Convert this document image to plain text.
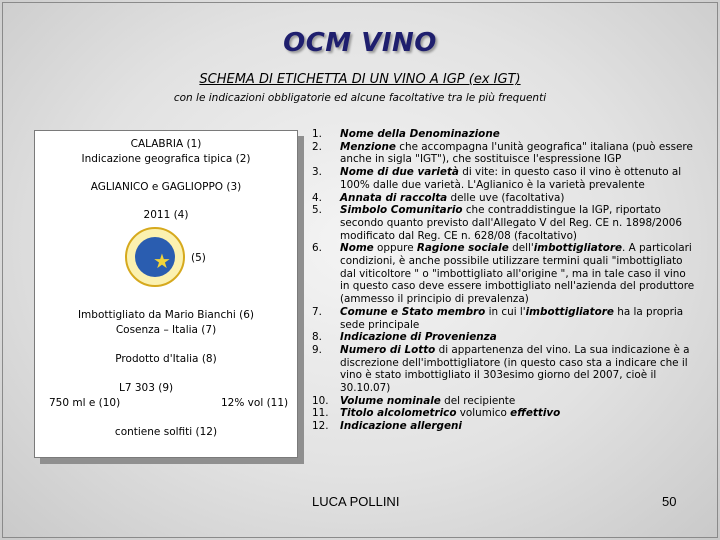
OCM VINO
SCHEMA DI ETICHETTA DI UN VINO A IGP (ex IGT)
con le indicazioni obbligatorie ed alcune facoltative tra le più frequenti
CALABRIA (1)
Indicazione geografica tipica (2)
AGLIANICO e GAGLIOPPO (3)
2011 (4)
★ (5)
Imbottigliato da Mario Bianchi (6)
Cosenza – Italia (7)
Prodotto d'Italia (8)
L7 303 (9)
750 ml e (10)	12% vol (11)
contiene solfiti (12)
1.	Nome della Denominazione
2.	Menzione che accompagna l'unità geografica" italiana (può essere anche in sigla "IGT"), che sostituisce l'espressione IGP
3.	Nome di due varietà di vite: in questo caso il vino è ottenuto al 100% dalle due varietà. L'Aglianico è la varietà prevalente
4.	Annata di raccolta delle uve (facoltativa)
5.	Simbolo Comunitario che contraddistingue la IGP, riportato secondo quanto previsto dall'Allegato V del Reg. CE n. 1898/2006 modificato dal Reg. CE n. 628/08 (facoltativo)
6.	Nome oppure Ragione sociale dell'imbottigliatore. A particolari condizioni, è anche possibile utilizzare termini quali "imbottigliato dal viticoltore " o "imbottigliato all'origine ", ma in tale caso il vino in questo caso deve essere imbottigliato nell'azienda del produttore (ammesso il principio di prevalenza)
7.	Comune e Stato membro in cui l'imbottigliatore ha la propria sede principale
8.	Indicazione di Provenienza
9.	Numero di Lotto di appartenenza del vino. La sua indicazione è a discrezione dell'imbottigliatore (in questo caso sta a indicare che il vino è stato imbottigliato il 303esimo giorno del 2007, cioè il 30.10.07)
10.	Volume nominale del recipiente
11.	Titolo alcolometrico volumico effettivo
12.	Indicazione allergeni
LUCA POLLINI	50
